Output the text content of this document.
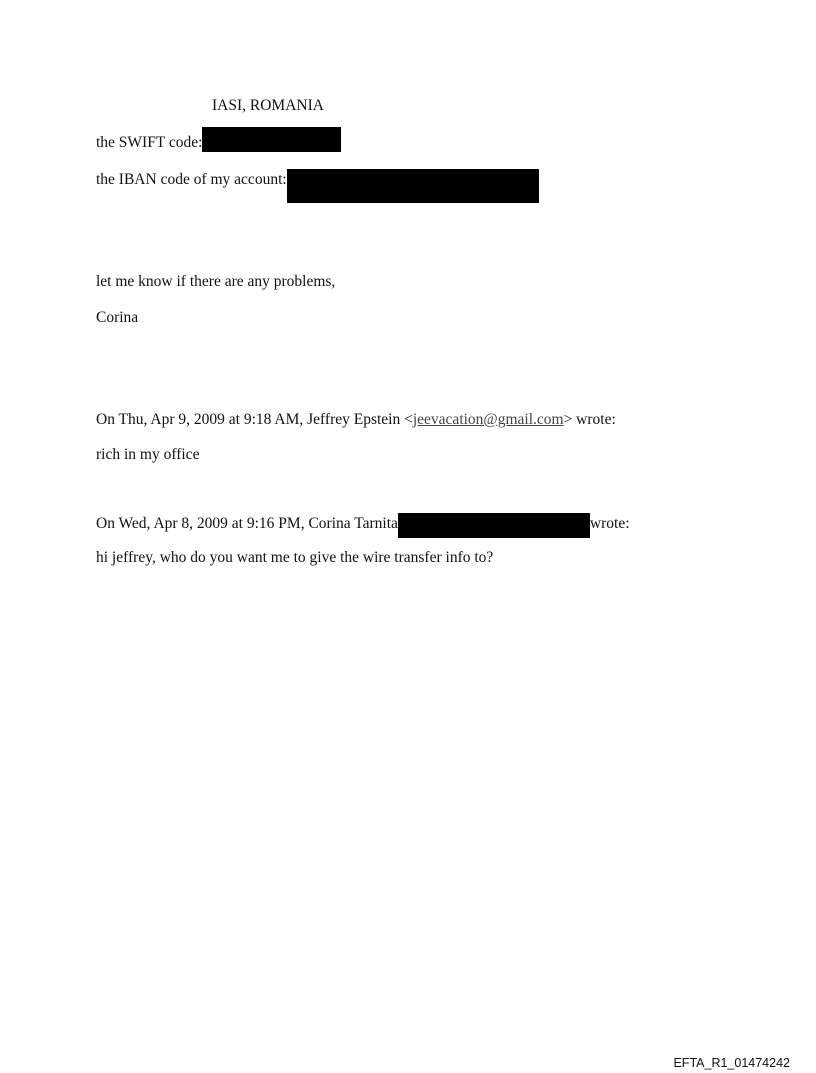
IASI, ROMANIA
the SWIFT code:
the IBAN code of my account:
let me know if there are any problems,
Corina
On Thu, Apr 9, 2009 at 9:18 AM, Jeffrey Epstein <jeevacation@gmail.com> wrote:
rich in my office
On Wed, Apr 8, 2009 at 9:16 PM, Corina Tarnita	wrote:
hi jeffrey, who do you want me to give the wire transfer info to?
EFTA_R1_01474242
